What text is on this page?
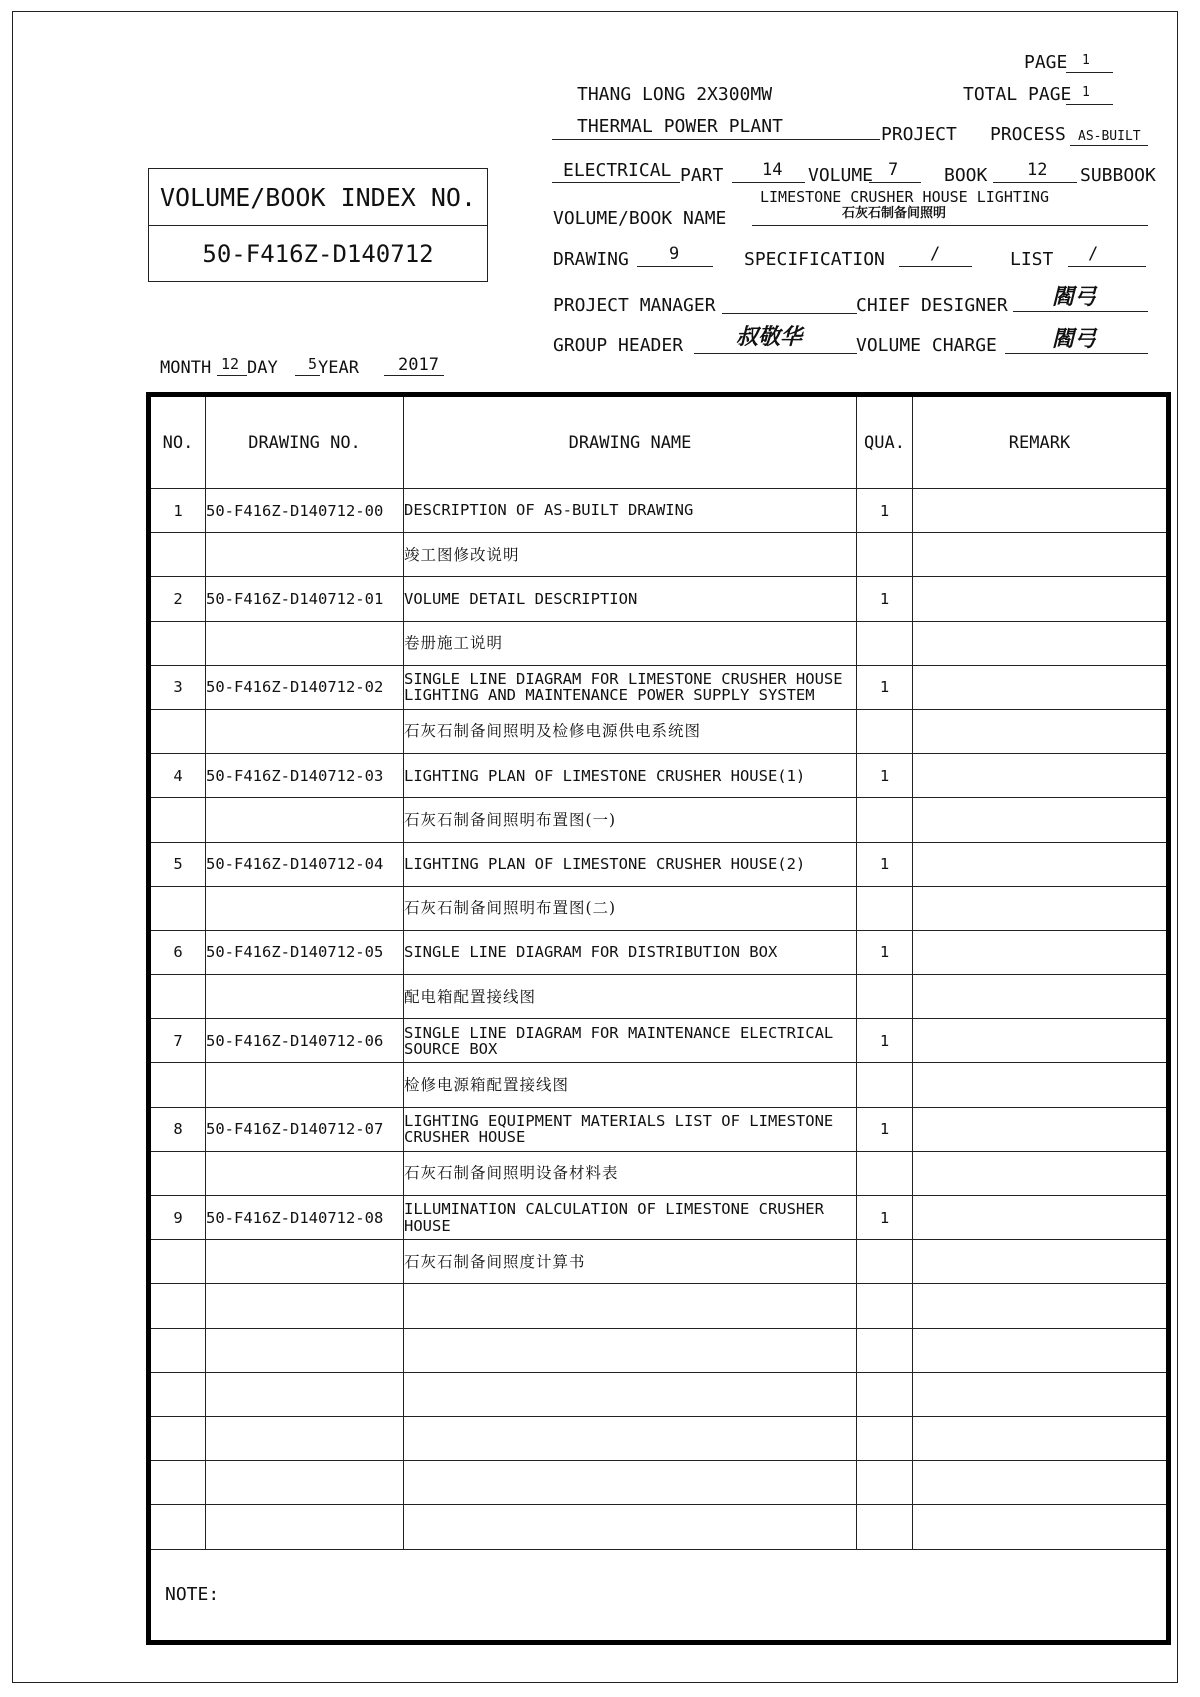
PAGE 1
TOTAL PAGE 1
THANG LONG 2X300MW
THERMAL POWER PLANT	PROJECT PROCESS AS-BUILT
ELECTRICAL PART 14 VOLUME 7	BOOK 12 SUBBOOK
VOLUME/BOOK NAME
LIMESTONE CRUSHER HOUSE LIGHTING
石灰石制备间照明
DRAWING 9	SPECIFICATION	/	LIST /
PROJECT MANAGER	CHIEF DESIGNER 閻弓
GROUP HEADER 叔敬华	VOLUME CHARGE	閻弓
VOLUME/BOOK INDEX NO.
50-F416Z-D140712
MONTH 12 DAY 5 YEAR 2017
NO.	DRAWING NO.	DRAWING NAME	QUA.	REMARK
1	50-F416Z-D140712-00	DESCRIPTION OF AS-BUILT DRAWING	1	
		竣工图修改说明		
2	50-F416Z-D140712-01	VOLUME DETAIL DESCRIPTION	1	
		卷册施工说明		
3	50-F416Z-D140712-02	SINGLE LINE DIAGRAM FOR LIMESTONE CRUSHER HOUSE LIGHTING AND MAINTENANCE POWER SUPPLY SYSTEM	1	
		石灰石制备间照明及检修电源供电系统图		
4	50-F416Z-D140712-03	LIGHTING PLAN OF LIMESTONE CRUSHER HOUSE(1)	1	
		石灰石制备间照明布置图(一)		
5	50-F416Z-D140712-04	LIGHTING PLAN OF LIMESTONE CRUSHER HOUSE(2)	1	
		石灰石制备间照明布置图(二)		
6	50-F416Z-D140712-05	SINGLE LINE DIAGRAM FOR DISTRIBUTION BOX	1	
		配电箱配置接线图		
7	50-F416Z-D140712-06	SINGLE LINE DIAGRAM FOR MAINTENANCE ELECTRICAL SOURCE BOX	1	
		检修电源箱配置接线图		
8	50-F416Z-D140712-07	LIGHTING EQUIPMENT MATERIALS LIST OF LIMESTONE CRUSHER HOUSE	1	
		石灰石制备间照明设备材料表		
9	50-F416Z-D140712-08	ILLUMINATION CALCULATION OF LIMESTONE CRUSHER HOUSE	1	
		石灰石制备间照度计算书		

NOTE:				
